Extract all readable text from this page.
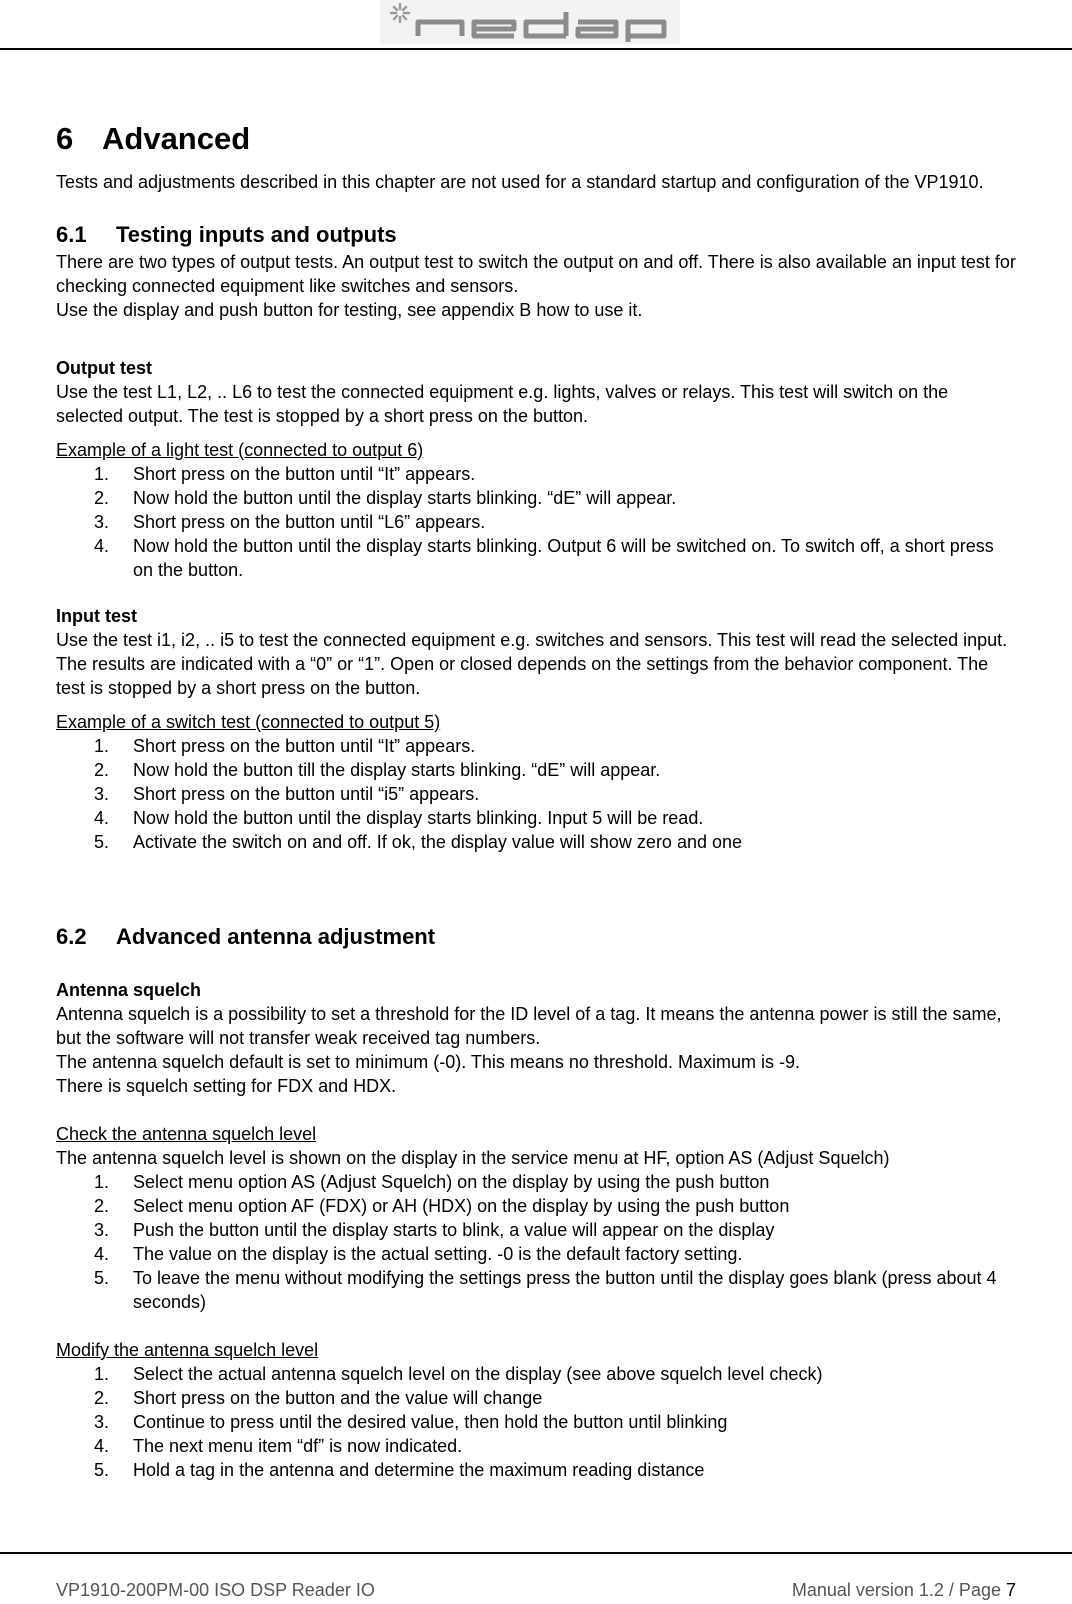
6 Advanced

Tests and adjustments described in this chapter are not used for a standard startup and configuration of the VP1910.

6.1 Testing inputs and outputs

There are two types of output tests. An output test to switch the output on and off. There is also available an input test for checking connected equipment like switches and sensors.

Use the display and push button for testing, see appendix B how to use it.

Output test

Use the test L1, L2, .. L6 to test the connected equipment e.g. lights, valves or relays. This test will switch on the selected output. The test is stopped by a short press on the button.

Example of a light test (connected to output 6)

1. Short press on the button until “It” appears.
2. Now hold the button until the display starts blinking. “dE” will appear.
3. Short press on the button until “L6” appears.
4. Now hold the button until the display starts blinking. Output 6 will be switched on. To switch off, a short press on the button.

Input test

Use the test i1, i2, .. i5 to test the connected equipment e.g. switches and sensors. This test will read the selected input. The results are indicated with a “0” or “1”. Open or closed depends on the settings from the behavior component. The test is stopped by a short press on the button.

Example of a switch test (connected to output 5)

1. Short press on the button until “It” appears.
2. Now hold the button till the display starts blinking. “dE” will appear.
3. Short press on the button until “i5” appears.
4. Now hold the button until the display starts blinking. Input 5 will be read.
5. Activate the switch on and off. If ok, the display value will show zero and one
6.2 Advanced antenna adjustment

Antenna squelch

Antenna squelch is a possibility to set a threshold for the ID level of a tag. It means the antenna power is still the same, but the software will not transfer weak received tag numbers.

The antenna squelch default is set to minimum (-0). This means no threshold. Maximum is -9.

There is squelch setting for FDX and HDX.

Check the antenna squelch level

The antenna squelch level is shown on the display in the service menu at HF, option AS (Adjust Squelch)

1. Select menu option AS (Adjust Squelch) on the display by using the push button
2. Select menu option AF (FDX) or AH (HDX) on the display by using the push button
3. Push the button until the display starts to blink, a value will appear on the display
4. The value on the display is the actual setting. -0 is the default factory setting.
5. To leave the menu without modifying the settings press the button until the display goes blank (press about 4 seconds)

Modify the antenna squelch level

1. Select the actual antenna squelch level on the display (see above squelch level check)
2. Short press on the button and the value will change
3. Continue to press until the desired value, then hold the button until blinking
4. The next menu item “df” is now indicated.
5. Hold a tag in the antenna and determine the maximum reading distance
VP1910-200PM-00 ISO DSP Reader IO	Manual version 1.2 / Page 7
